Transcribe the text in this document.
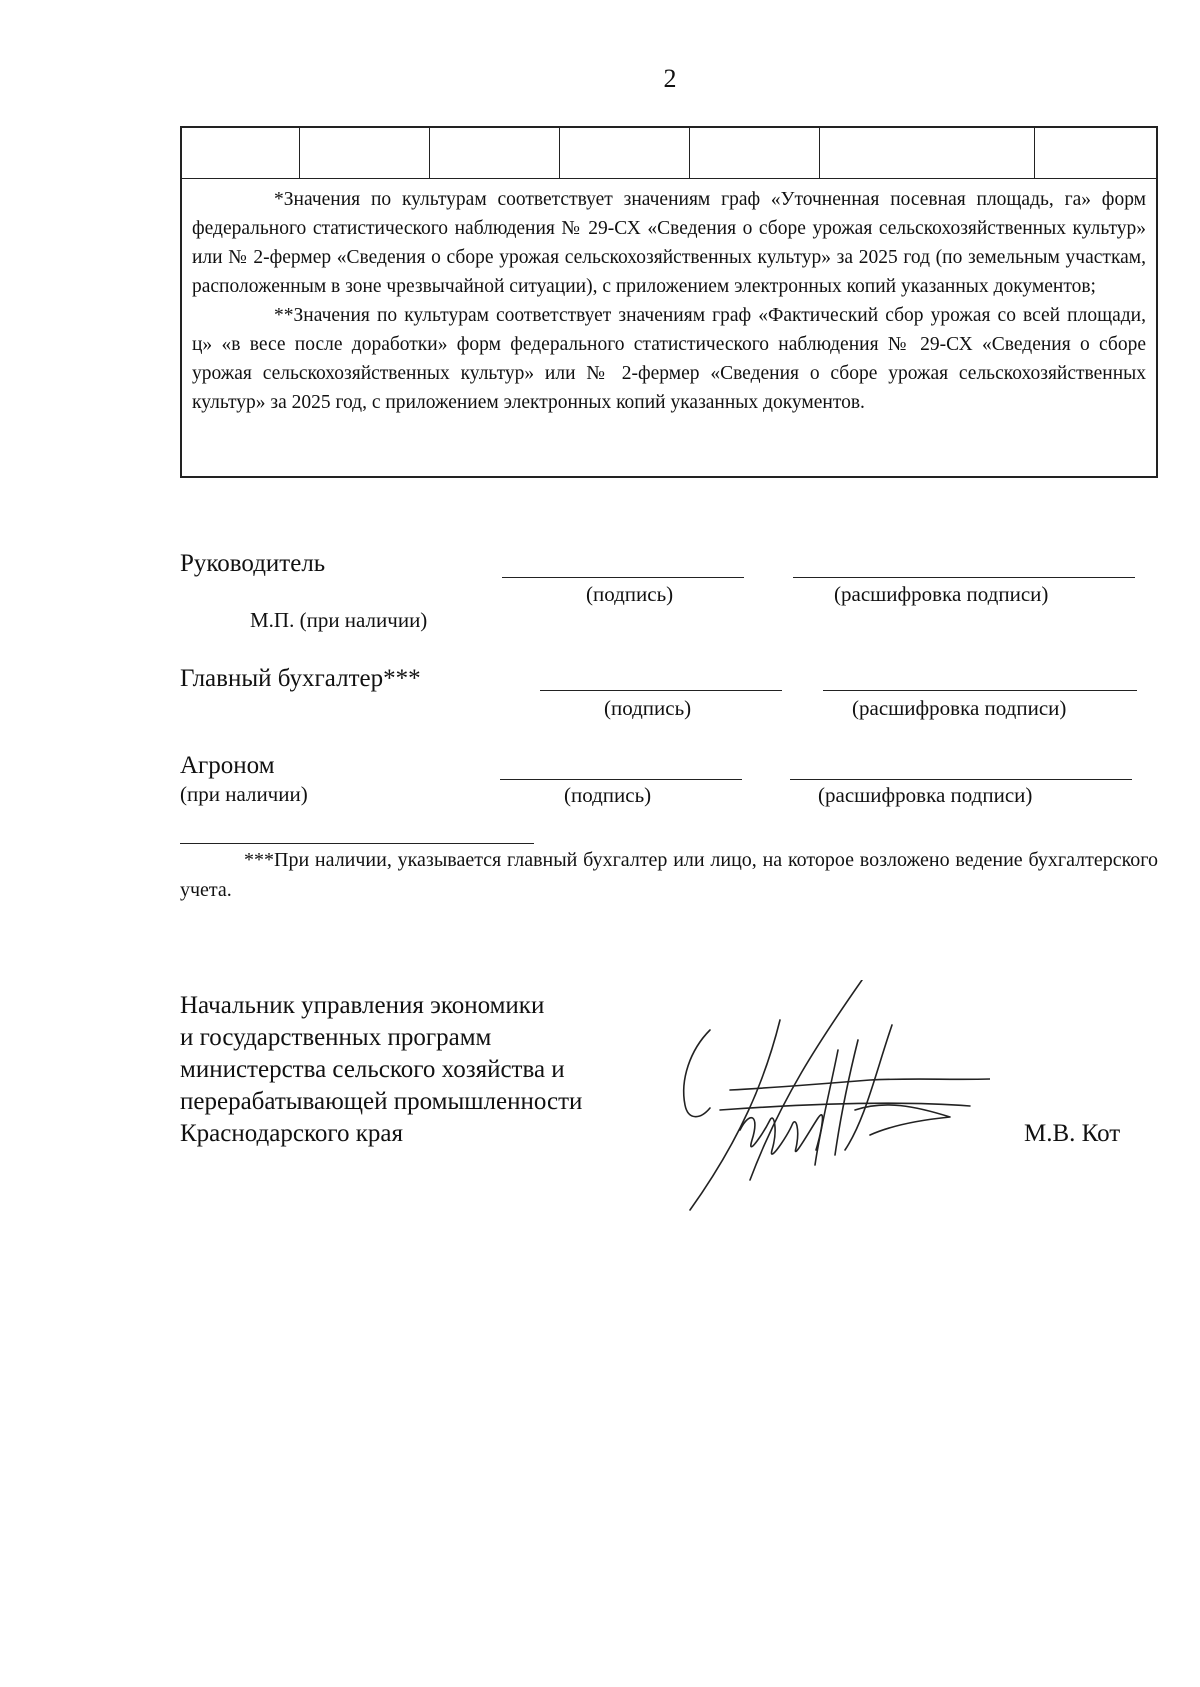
2

*Значения по культурам соответствует значениям граф «Уточненная посевная площадь, га» форм федерального статистического наблюдения № 29-СХ «Сведения о сборе урожая сельскохозяйственных культур» или № 2-фермер «Сведения о сборе урожая сельскохозяйственных культур» за 2025 год (по земельным участкам, расположенным в зоне чрезвычайной ситуации), с приложением электронных копий указанных документов;

**Значения по культурам соответствует значениям граф «Фактический сбор урожая со всей площади, ц» «в весе после доработки» форм федерального статистического наблюдения № 29-СХ «Сведения о сборе урожая сельскохозяйственных культур» или № 2-фермер «Сведения о сборе урожая сельскохозяйственных культур» за 2025 год, с приложением электронных копий указанных документов.

Руководитель
(подпись)	(расшифровка подписи)
М.П. (при наличии)
Главный бухгалтер***
(подпись)	(расшифровка подписи)
Агроном
(при наличии)	(подпись)	(расшифровка подписи)

***При наличии, указывается главный бухгалтер или лицо, на которое возложено ведение бухгалтерского учета.

Начальник управления экономики
и государственных программ
министерства сельского хозяйства и
перерабатывающей промышленности
Краснодарского края	М.В. Кот
